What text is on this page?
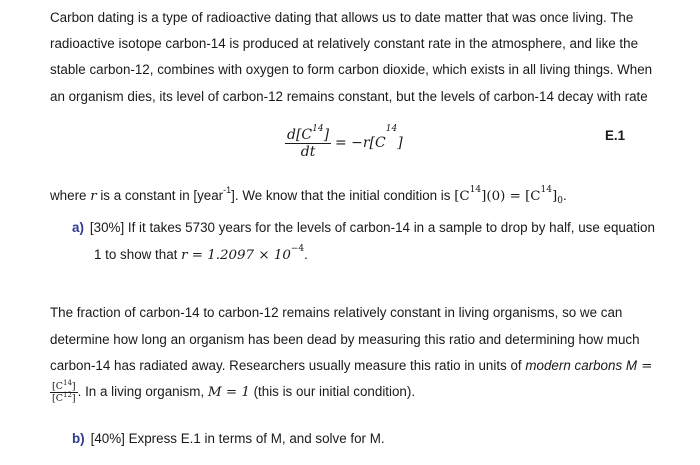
Carbon dating is a type of radioactive dating that allows us to date matter that was once living. The
radioactive isotope carbon-14 is produced at relatively constant rate in the atmosphere, and like the
stable carbon-12, combines with oxygen to form carbon dioxide, which exists in all living things. When
an organism dies, its level of carbon-12 remains constant, but the levels of carbon-14 decay with rate
$\frac{d[C^{14}]}{dt} = -r[C^{14}]$	E.1
where r is a constant in [year$^{-1}$]. We know that the initial condition is $[C^{14}](0) = [C^{14}]_0$.
a) [30%] If it takes 5730 years for the levels of carbon-14 in a sample to drop by half, use equation
1 to show that $r = 1.2097 \times 10^{-4}$.
The fraction of carbon-14 to carbon-12 remains relatively constant in living organisms, so we can
determine how long an organism has been dead by measuring this ratio and determining how much
carbon-14 has radiated away. Researchers usually measure this ratio in units of modern carbons M =
$\frac{[C^{14}]}{[C^{12}]}$ . In a living organism, M = 1 (this is our initial condition).
b) [40%] Express E.1 in terms of M, and solve for M.
